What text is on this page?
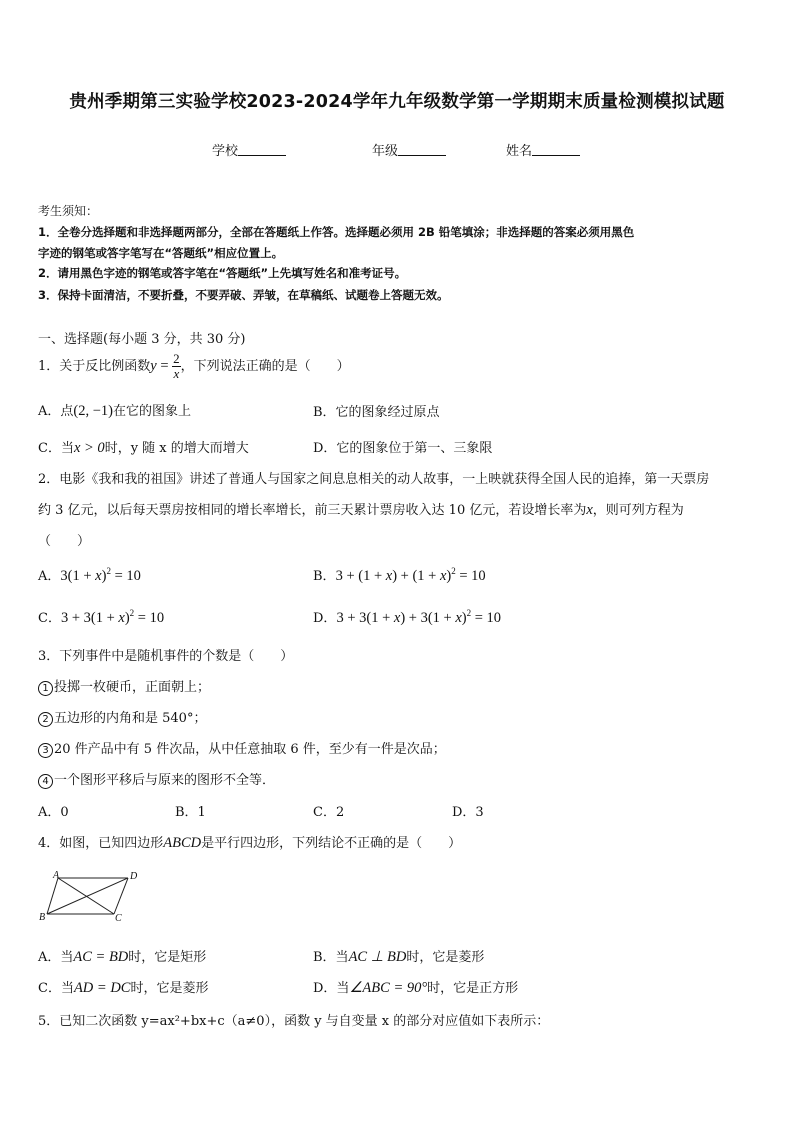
贵州季期第三实验学校2023-2024学年九年级数学第一学期期末质量检测模拟试题
学校	年级	姓名
考生须知：
1．全卷分选择题和非选择题两部分，全部在答题纸上作答。选择题必须用 2B 铅笔填涂；非选择题的答案必须用黑色
字迹的钢笔或答字笔写在“答题纸”相应位置上。
2．请用黑色字迹的钢笔或答字笔在“答题纸”上先填写姓名和准考证号。
3．保持卡面清洁，不要折叠，不要弄破、弄皱，在草稿纸、试题卷上答题无效。
一、选择题(每小题 3 分，共 30 分)
1．关于反比例函数$y = \frac{2}{x}$ ，下列说法正确的是（　　）
A．点(2, −1)在它的图象上	B．它的图象经过原点
C．当x > 0时，y 随 x 的增大而增大	D．它的图象位于第一、三象限
2．电影《我和我的祖国》讲述了普通人与国家之间息息相关的动人故事，一上映就获得全国人民的追捧，第一天票房
约 3 亿元，以后每天票房按相同的增长率增长，前三天累计票房收入达 10 亿元，若设增长率为x，则可列方程为
（　　）
A．$3(1 + x)^2 = 10$	B．$3 + (1 + x) + (1 + x)^2 = 10$
C．$3 + 3(1 + x)^2 = 10$	D．$3 + 3(1 + x) + 3(1 + x)^2 = 10$
3．下列事件中是随机事件的个数是（　　）
1 投掷一枚硬币，正面朝上；
2 五边形的内角和是 540°；
3 20 件产品中有 5 件次品，从中任意抽取 6 件，至少有一件是次品；
4 一个图形平移后与原来的图形不全等．
A．0	B．1	C．2	D．3
4．如图，已知四边形ABCD是平行四边形，下列结论不正确的是（　　）
A	D
B	C
A．当AC = BD时，它是矩形	B．当AC ⊥ BD时，它是菱形
C．当AD = DC时，它是菱形	D．当∠ABC = 90°时，它是正方形
5．已知二次函数 y=ax²+bx+c（a≠0），函数 y 与自变量 x 的部分对应值如下表所示：
